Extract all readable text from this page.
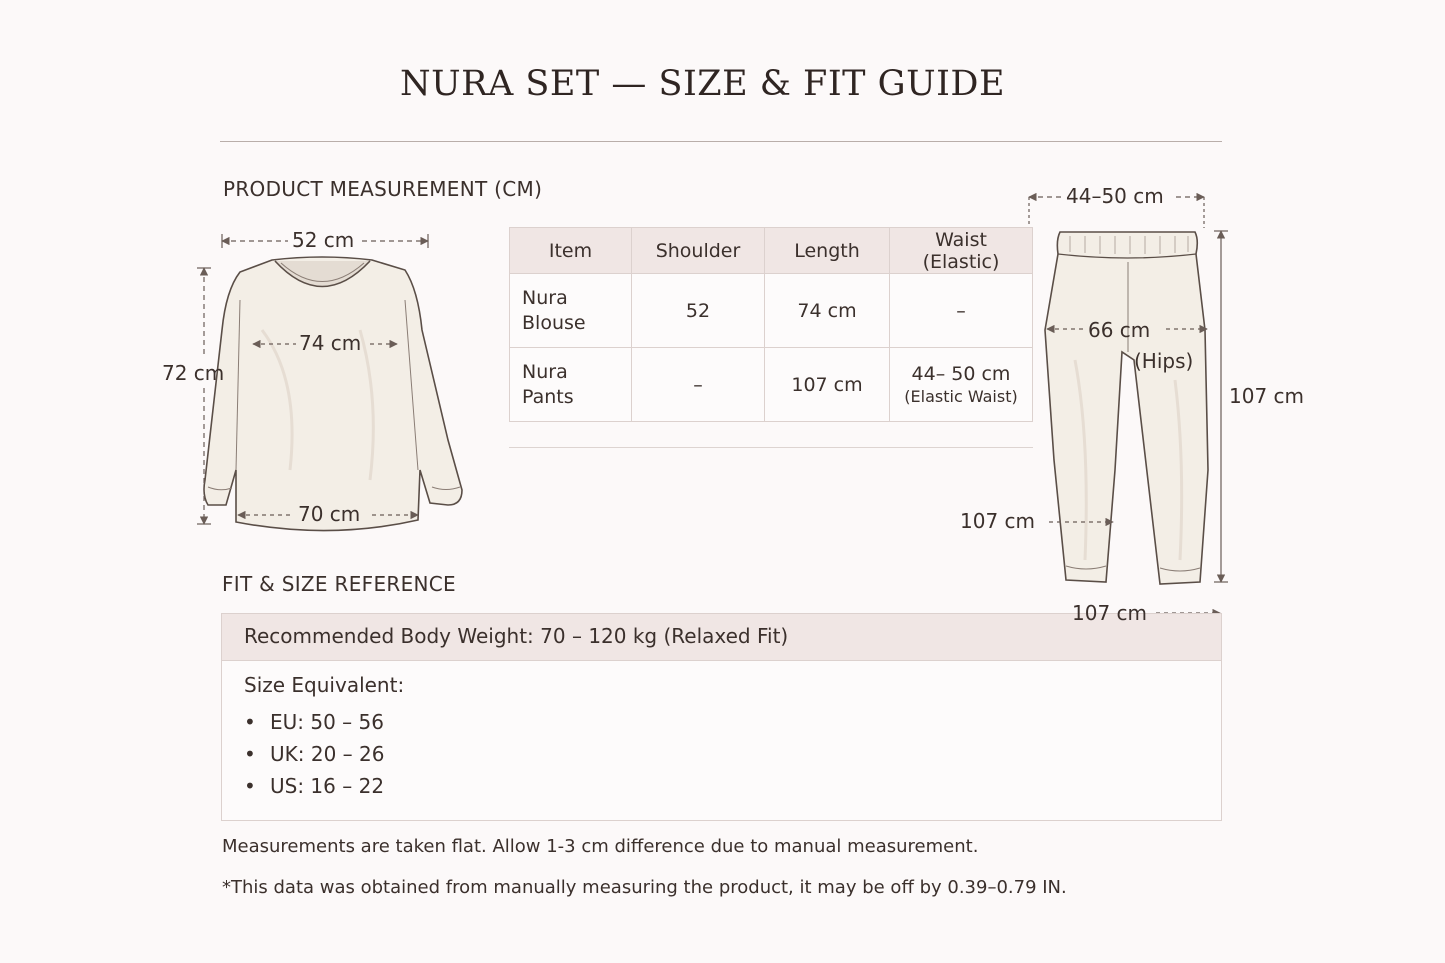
NURA SET — SIZE & FIT GUIDE
PRODUCT MEASUREMENT (CM)
52 cm
72 cm
74 cm
70 cm
44–50 cm
66 cm
(Hips)
107 cm
107 cm
107 cm
Item	Shoulder	Length	Waist (Elastic)
Nura
Blouse	52	74 cm	–
Nura
Pants	–	107 cm	44– 50 cm
(Elastic Waist)
FIT & SIZE REFERENCE
Recommended Body Weight: 70 – 120 kg (Relaxed Fit)
Size Equivalent:
• EU: 50 – 56
• UK: 20 – 26
• US: 16 – 22
Measurements are taken flat. Allow 1-3 cm difference due to manual measurement.
*This data was obtained from manually measuring the product, it may be off by 0.39–0.79 IN.
